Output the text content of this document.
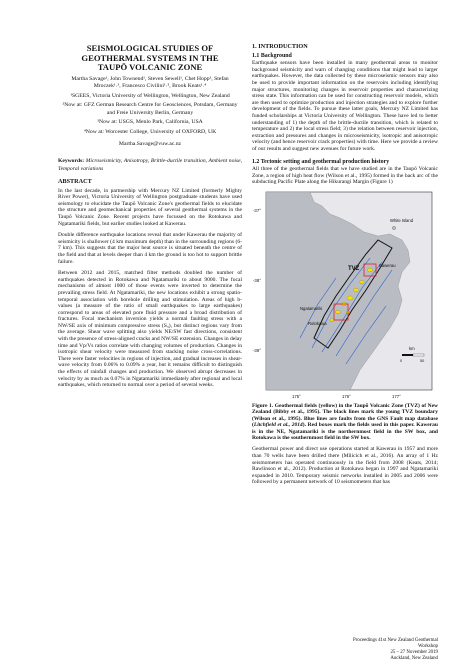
SEISMOLOGICAL STUDIES OF
GEOTHERMAL SYSTEMS IN THE
TAUPŌ VOLCANIC ZONE

Martha Savage¹, John Townend¹, Steven Sewell¹, Chet Hopp¹, Stefan Mroczek¹˒², Francesco Civilini¹˒³, Brook Keats¹˒⁴

¹SGEES, Victoria University of Wellington, Wellington, New Zealand

²Now at: GFZ German Research Centre for Geosciences, Potsdam, Germany and Freie University Berlin, Germany

³Now at: USGS, Menlo Park, California, USA

⁴Now at: Worcester College, University of OXFORD, UK

Martha.Savage@vuw.ac.nz

Keywords: Microseismicity, Anisotropy, Brittle-ductile transition, Ambient noise, Temporal variations

ABSTRACT

In the last decade, in partnership with Mercury NZ Limited (formerly Mighty River Power), Victoria University of Wellington postgraduate students have used seismology to elucidate the Taupō Volcanic Zone's geothermal fields to elucidate the structure and geomechanical properties of several geothermal systems in the Taupō Volcanic Zone. Recent projects have focussed on the Rotokawa and Ngatamariki fields, but earlier studies looked at Kawerau.

Double difference earthquake locations reveal that under Kawerau the majority of seismicity is shallower (4 km maximum depth) than in the surrounding regions (6-7 km). This suggests that the major heat source is situated beneath the centre of the field and that at levels deeper than 4 km the ground is too hot to support brittle failure.

Between 2012 and 2015, matched filter methods doubled the number of earthquakes detected in Rotokawa and Ngatamariki to about 9000. The focal mechanisms of almost 1000 of those events were inverted to determine the prevailing stress field. At Ngatamariki, the new locations exhibit a strong spatio-temporal association with borehole drilling and stimulation. Areas of high b-values (a measure of the ratio of small earthquakes to large earthquakes) correspond to areas of elevated pore fluid pressure and a broad distribution of fractures. Focal mechanism inversion yields a normal faulting stress with a NW/SE axis of minimum compressive stress (S₃), but distinct regions vary from the average. Shear wave splitting also yields NE/SW fast directions, consistent with the presence of stress-aligned cracks and NW/SE extension. Changes in delay time and Vp/Vs ratios correlate with changing volumes of production. Changes in isotropic shear velocity were measured from stacking noise cross-correlations. There were faster velocities in regions of injection, and gradual increases in shear-wave velocity from 0.06% to 0.09% a year, but it remains difficult to distinguish the effects of rainfall changes and production. We observed abrupt decreases in velocity by as much as 0.07% in Ngatamariki immediately after regional and local earthquakes, which returned to normal over a period of several weeks.

1. INTRODUCTION
1.1 Background

Earthquake sensors have been installed in many geothermal areas to monitor background seismicity and warn of changing conditions that might lead to larger earthquakes. However, the data collected by these microseismic sensors may also be used to provide important information on the reservoirs including identifying major structures, monitoring changes in reservoir properties and characterizing stress state. This information can be used for constructing reservoir models, which are then used to optimize production and injection strategies and to explore further development of the fields. To pursue these latter goals, Mercury NZ Limited has funded scholarships at Victoria University of Wellington. These have led to better understanding of 1) the depth of the brittle-ductile transition, which is related to temperature and 2) the local stress field; 3) the relation between reservoir injection, extraction and pressures and changes in microseismicity, isotropic and anisotropic velocity (and hence reservoir crack properties) with time. Here we provide a review of our results and suggest new avenues for future work.

1.2 Tectonic setting and geothermal production history

All three of the geothermal fields that we have studied are in the Taupō Volcanic Zone, a region of high heat flow (Wilson et al., 1995) formed in the back arc of the subducting Pacific Plate along the Hikurangi Margin (Figure 1)

White Island
Kawerau
Rotokawa
Ngatamariki
TVZ
-37°
-38°
-39°
175°	176°	177°
km
0	50

Figure 1. Geothermal fields (yellow) in the Taupō Volcanic Zone (TVZ) of New Zealand (Bibby et al., 1995). The black lines mark the young TVZ boundary (Wilson et al., 1995). Blue lines are faults from the GNS Fault map database (Litchfield et al., 2014). Red boxes mark the fields used in this paper. Kawerau is in the NE, Ngatamariki is the northernmost field in the SW box, and Rotokawa is the southernmost field in the SW box.

Geothermal power and direct use operations started at Kawerau in 1957 and more than 70 wells have been drilled there (Milicich et al., 2016). An array of 1 Hz seismometers has operated continuously in the field from 2008 (Keats, 2014; Rawlinson et al., 2012). Production at Rotokawa began in 1997 and Ngatamariki expanded in 2010. Temporary seismic networks installed in 2005 and 2006 were followed by a permanent network of 10 seismometers that has

Proceedings 41st New Zealand Geothermal Workshop
25 – 27 November 2019
Auckland, New Zealand
